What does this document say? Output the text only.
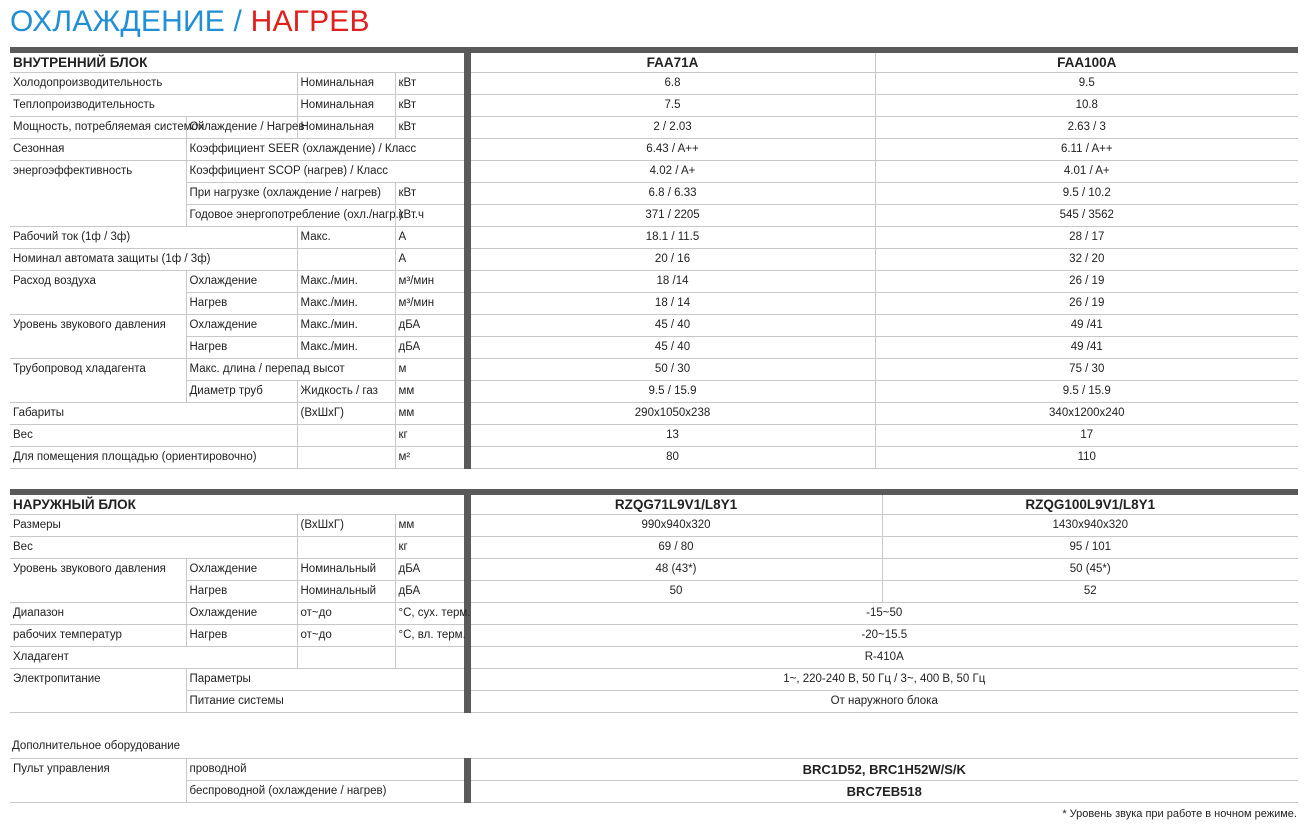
ОХЛАЖДЕНИЕ / НАГРЕВ
ВНУТРЕННИЙ БЛОК				FAA71A	FAA100A
Холодопроизводительность		Номинальная	кВт	6.8	9.5
Теплопроизводительность		Номинальная	кВт	7.5	10.8
Мощность, потребляемая системой	Охлаждение / Нагрев	Номинальная	кВт	2 / 2.03	2.63 / 3
Сезонная	Коэффициент SEER (охлаждение) / Класс			6.43 / A++	6.11 / A++
энергоэффективность	Коэффициент SCOP (нагрев) / Класс			4.02 / A+	4.01 / A+
	При нагрузке (охлаждение / нагрев)		кВт	6.8 / 6.33	9.5 / 10.2
	Годовое энергопотребление (охл./нагр.)		кВт.ч	371 / 2205	545 / 3562
Рабочий ток (1ф / 3ф)		Макс.	A	18.1 / 11.5	28 / 17
Номинал автомата защиты (1ф / 3ф)			A	20 / 16	32 / 20
Расход воздуха	Охлаждение	Макс./мин.	м³/мин	18 /14	26 / 19
	Нагрев	Макс./мин.	м³/мин	18 / 14	26 / 19
Уровень звукового давления	Охлаждение	Макс./мин.	дБА	45 / 40	49 /41
	Нагрев	Макс./мин.	дБА	45 / 40	49 /41
Трубопровод хладагента	Макс. длина / перепад высот		м	50 / 30	75 / 30
	Диаметр труб	Жидкость / газ	мм	9.5 / 15.9	9.5 / 15.9
Габариты		(ВхШхГ)	мм	290x1050x238	340x1200x240
Вес			кг	13	17
Для помещения площадью (ориентировочно)			м²	80	110
НАРУЖНЫЙ БЛОК				RZQG71L9V1/L8Y1	RZQG100L9V1/L8Y1
Размеры		(ВхШхГ)	мм	990x940x320	1430x940x320
Вес			кг	69 / 80	95 / 101
Уровень звукового давления	Охлаждение	Номинальный	дБА	48 (43*)	50 (45*)
	Нагрев	Номинальный	дБА	50	52
Диапазон	Охлаждение	от~до	°C, сух. терм.	-15~50	
рабочих температур	Нагрев	от~до	°C, вл. терм.	-20~15.5	
Хладагент				R-410A	
Электропитание	Параметры			1~, 220-240 В, 50 Гц / 3~, 400 В, 50 Гц	
	Питание системы			От наружного блока	
Дополнительное оборудование
Пульт управления	проводной	BRC1D52, BRC1H52W/S/K
	беспроводной (охлаждение / нагрев)	BRC7EB518
* Уровень звука при работе в ночном режиме.
